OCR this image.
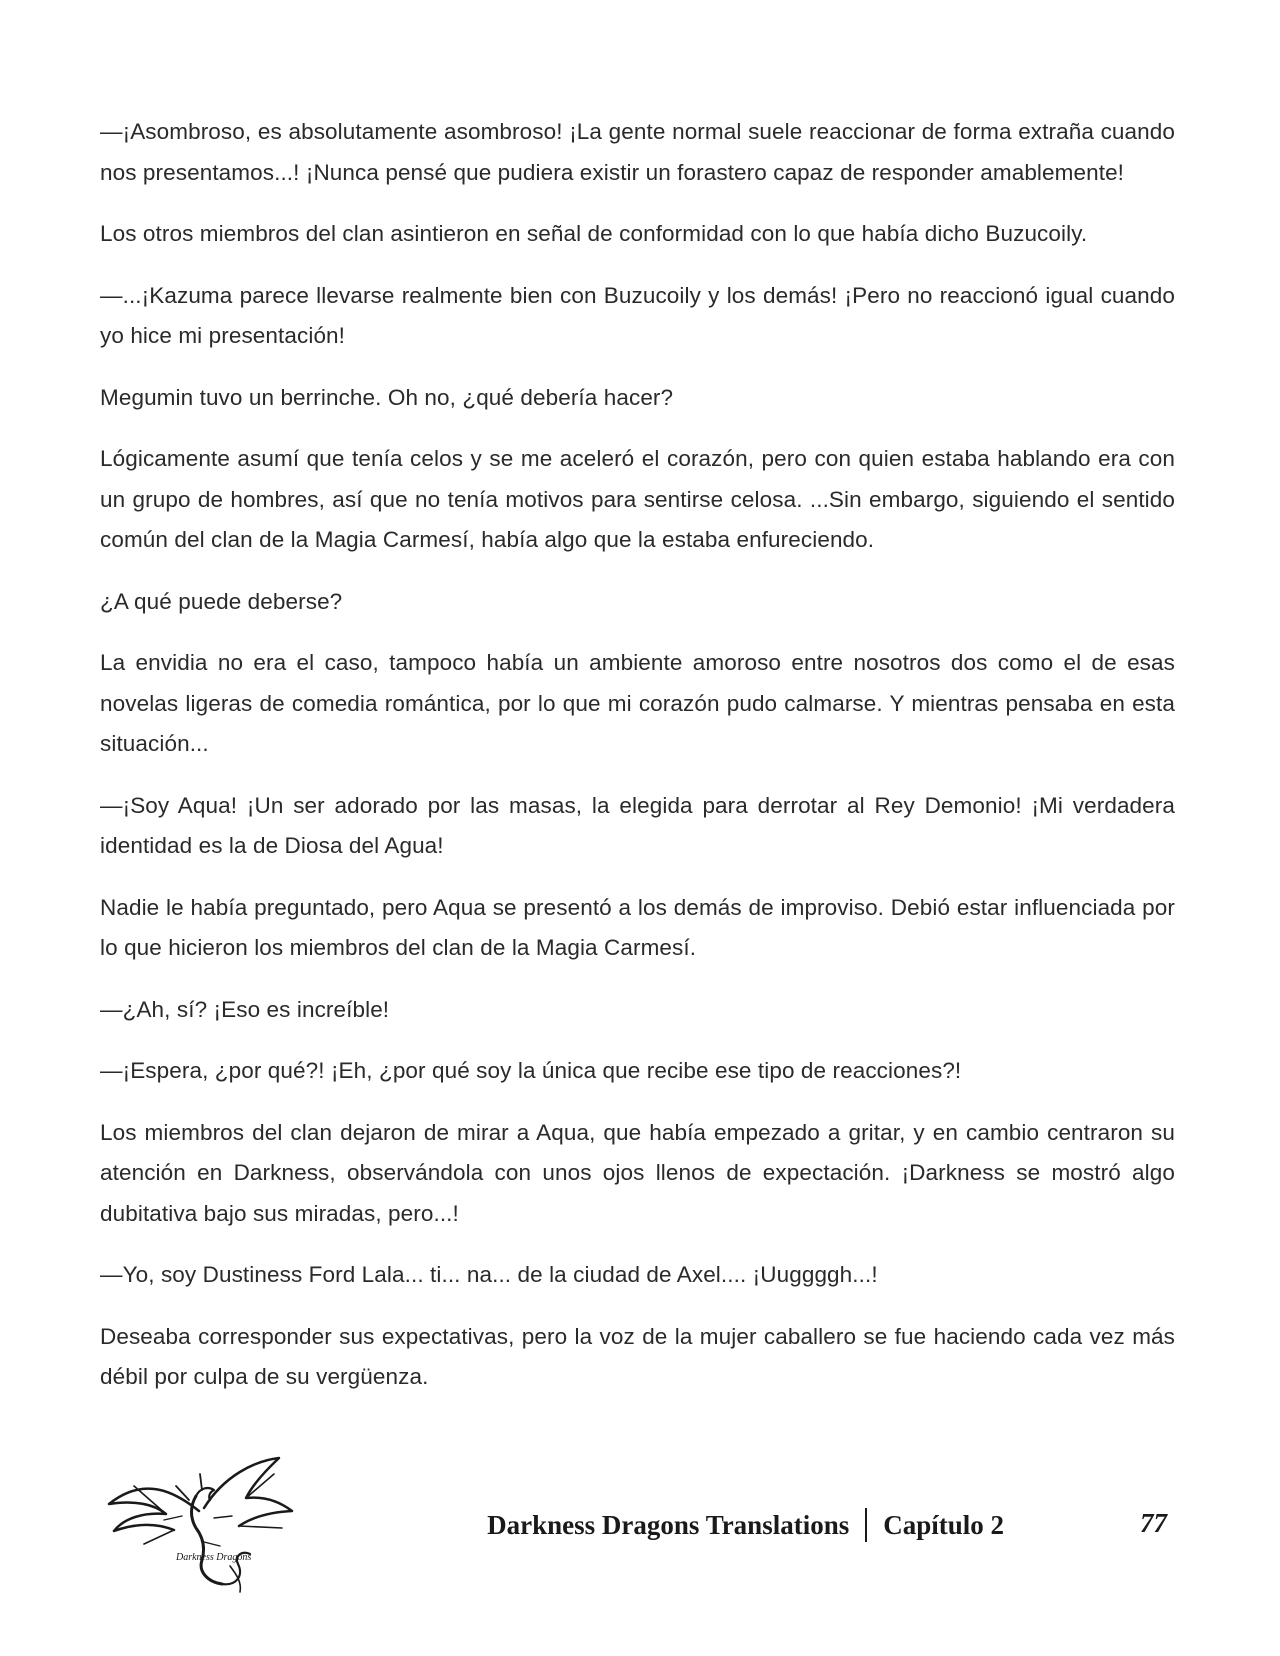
—¡Asombroso, es absolutamente asombroso! ¡La gente normal suele reaccionar de forma extraña cuando nos presentamos...! ¡Nunca pensé que pudiera existir un forastero capaz de responder amablemente!

Los otros miembros del clan asintieron en señal de conformidad con lo que había dicho Buzucoily.

—...¡Kazuma parece llevarse realmente bien con Buzucoily y los demás! ¡Pero no reaccionó igual cuando yo hice mi presentación!

Megumin tuvo un berrinche. Oh no, ¿qué debería hacer?

Lógicamente asumí que tenía celos y se me aceleró el corazón, pero con quien estaba hablando era con un grupo de hombres, así que no tenía motivos para sentirse celosa. ...Sin embargo, siguiendo el sentido común del clan de la Magia Carmesí, había algo que la estaba enfureciendo.

¿A qué puede deberse?

La envidia no era el caso, tampoco había un ambiente amoroso entre nosotros dos como el de esas novelas ligeras de comedia romántica, por lo que mi corazón pudo calmarse. Y mientras pensaba en esta situación...

—¡Soy Aqua! ¡Un ser adorado por las masas, la elegida para derrotar al Rey Demonio! ¡Mi verdadera identidad es la de Diosa del Agua!

Nadie le había preguntado, pero Aqua se presentó a los demás de improviso. Debió estar influenciada por lo que hicieron los miembros del clan de la Magia Carmesí.

—¿Ah, sí? ¡Eso es increíble!

—¡Espera, ¿por qué?! ¡Eh, ¿por qué soy la única que recibe ese tipo de reacciones?!

Los miembros del clan dejaron de mirar a Aqua, que había empezado a gritar, y en cambio centraron su atención en Darkness, observándola con unos ojos llenos de expectación. ¡Darkness se mostró algo dubitativa bajo sus miradas, pero...!

—Yo, soy Dustiness Ford Lala... ti... na... de la ciudad de Axel.... ¡Uuggggh...!

Deseaba corresponder sus expectativas, pero la voz de la mujer caballero se fue haciendo cada vez más débil por culpa de su vergüenza.

Darkness Dragons
Darkness Dragons Translations Capítulo 2	77
